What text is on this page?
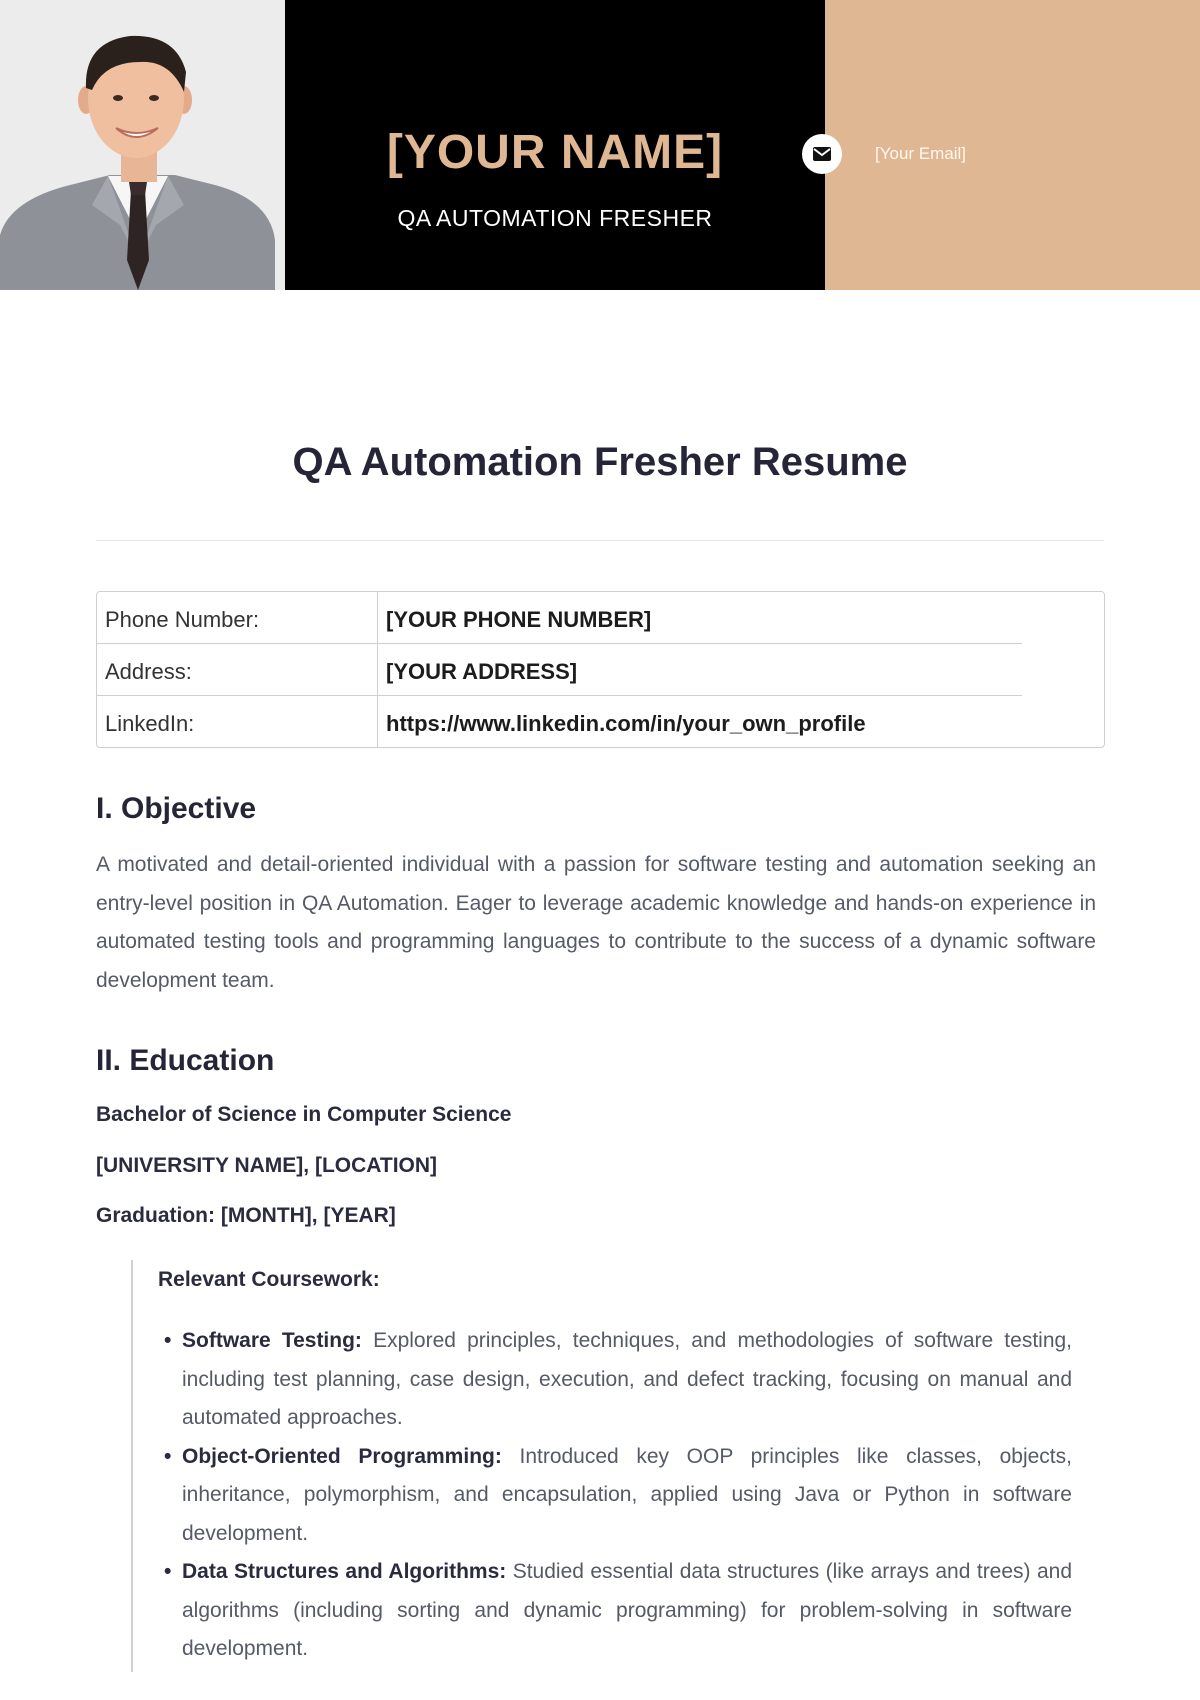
[YOUR NAME]
QA AUTOMATION FRESHER
[Your Email]
QA Automation Fresher Resume
Phone Number:	[YOUR PHONE NUMBER]
Address:	[YOUR ADDRESS]
LinkedIn:	https://www.linkedin.com/in/your_own_profile
I. Objective
A motivated and detail-oriented individual with a passion for software testing and automation seeking an entry-level position in QA Automation. Eager to leverage academic knowledge and hands-on experience in automated testing tools and programming languages to contribute to the success of a dynamic software development team.
II. Education
Bachelor of Science in Computer Science
[UNIVERSITY NAME], [LOCATION]
Graduation: [MONTH], [YEAR]
Relevant Coursework:
• Software Testing: Explored principles, techniques, and methodologies of software testing, including test planning, case design, execution, and defect tracking, focusing on manual and automated approaches.
• Object-Oriented Programming: Introduced key OOP principles like classes, objects, inheritance, polymorphism, and encapsulation, applied using Java or Python in software development.
• Data Structures and Algorithms: Studied essential data structures (like arrays and trees) and algorithms (including sorting and dynamic programming) for problem-solving in software development.
